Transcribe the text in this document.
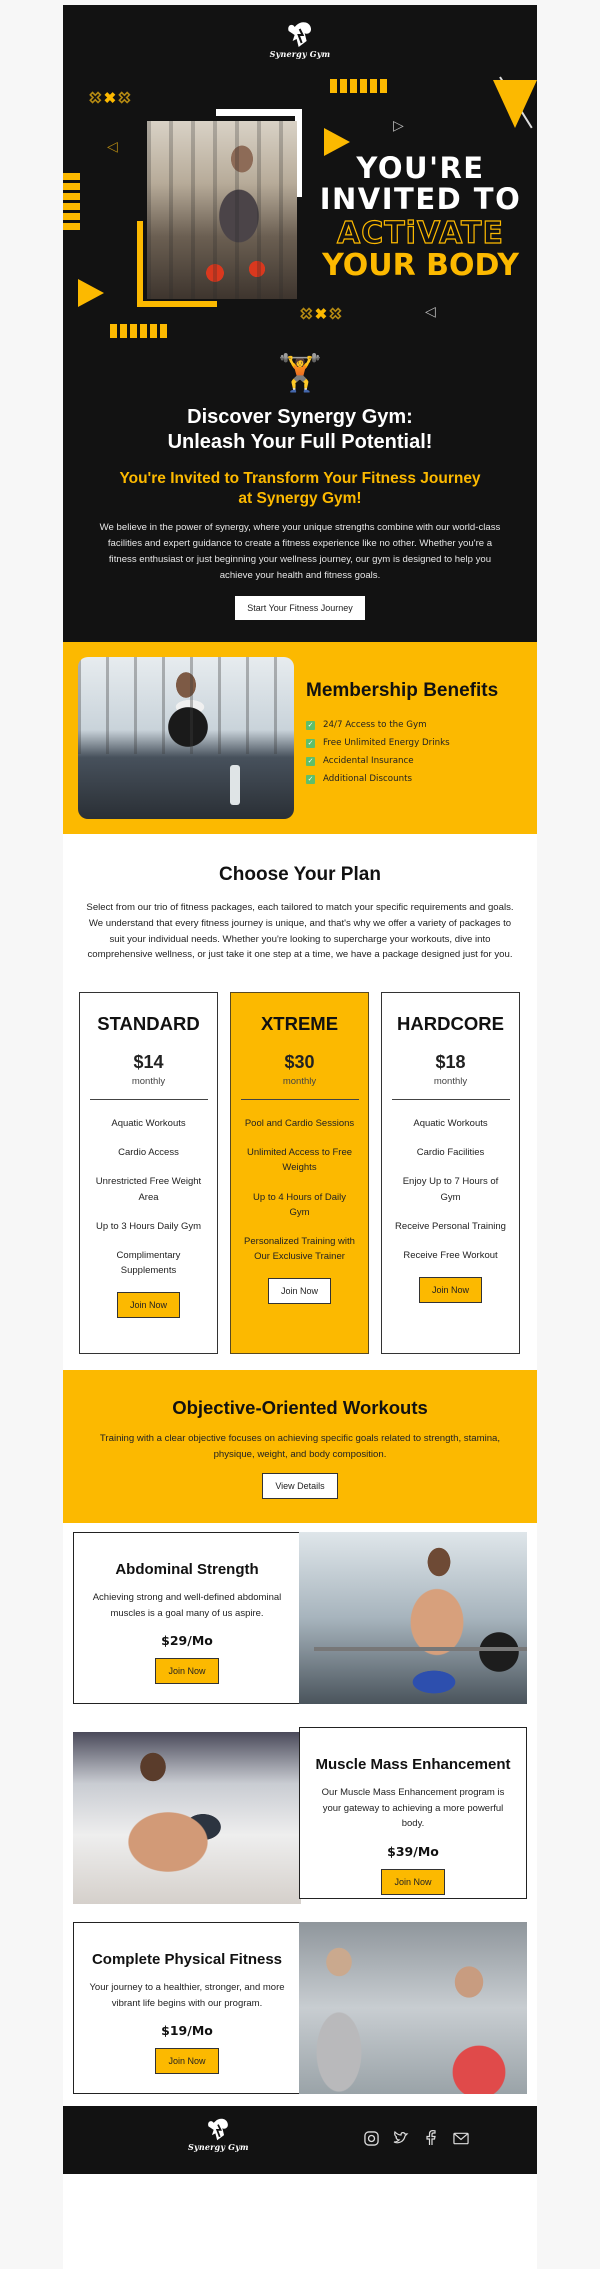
Synergy Gym
✖ ✖ ✖
✖ ✖ ✖
▷
◁
◁
YOU'RE
INVITED TO
ACTiVATE
YOUR BODY
🏋️
Discover Synergy Gym:
Unleash Your Full Potential!
You're Invited to Transform Your Fitness Journey
at Synergy Gym!

We believe in the power of synergy, where your unique strengths combine with our world-class facilities and expert guidance to create a fitness experience like no other. Whether you're a fitness enthusiast or just beginning your wellness journey, our gym is designed to help you achieve your health and fitness goals.

Start Your Fitness Journey
Membership Benefits
✓ 24/7 Access to the Gym
✓ Free Unlimited Energy Drinks
✓ Accidental Insurance
✓ Additional Discounts
Choose Your Plan

Select from our trio of fitness packages, each tailored to match your specific requirements and goals. We understand that every fitness journey is unique, and that's why we offer a variety of packages to suit your individual needs. Whether you're looking to supercharge your workouts, dive into comprehensive wellness, or just take it one step at a time, we have a package designed just for you.

STANDARD
$14
monthly
Aquatic Workouts
Cardio Access
Unrestricted Free Weight Area
Up to 3 Hours Daily Gym
Complimentary Supplements
Join Now
XTREME
$30
monthly
Pool and Cardio Sessions
Unlimited Access to Free Weights
Up to 4 Hours of Daily Gym
Personalized Training with Our Exclusive Trainer
Join Now
HARDCORE
$18
monthly
Aquatic Workouts
Cardio Facilities
Enjoy Up to 7 Hours of Gym
Receive Personal Training
Receive Free Workout
Join Now
Objective-Oriented Workouts

Training with a clear objective focuses on achieving specific goals related to strength, stamina, physique, weight, and body composition.

View Details
Abdominal Strength

Achieving strong and well-defined abdominal muscles is a goal many of us aspire.

$29/Mo
Join Now
Muscle Mass Enhancement

Our Muscle Mass Enhancement program is your gateway to achieving a more powerful body.

$39/Mo
Join Now
Complete Physical Fitness

Your journey to a healthier, stronger, and more vibrant life begins with our program.

$19/Mo
Join Now
Synergy Gym
